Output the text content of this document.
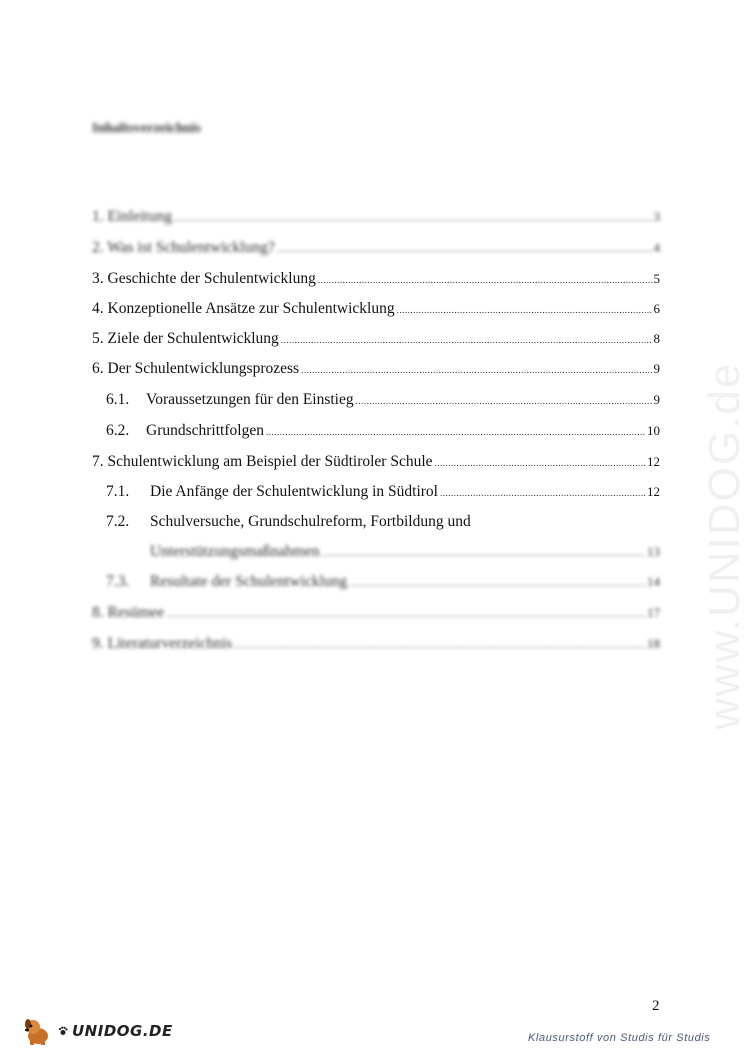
Inhaltsverzeichnis
1. Einleitung .....	3
2. Was ist Schulentwicklung? .....	4
3. Geschichte der Schulentwicklung .....	5
4. Konzeptionelle Ansätze zur Schulentwicklung .....	6
5. Ziele der Schulentwicklung .....	8
6. Der Schulentwicklungsprozess .....	9
6.1. Voraussetzungen für den Einstieg .....	9
6.2. Grundschrittfolgen .....	10
7. Schulentwicklung am Beispiel der Südtiroler Schule .....	12
7.1. Die Anfänge der Schulentwicklung in Südtirol .....	12
7.2. Schulversuche, Grundschulreform, Fortbildung und
Unterstützungsmaßnahmen .....	13
7.3. Resultate der Schulentwicklung .....	14
8. Resümee .....	17
9. Literaturverzeichnis .....	18 www.UNIDOG.de
2
UNIDOG.DE	Klausurstoff von Studis für Studis
